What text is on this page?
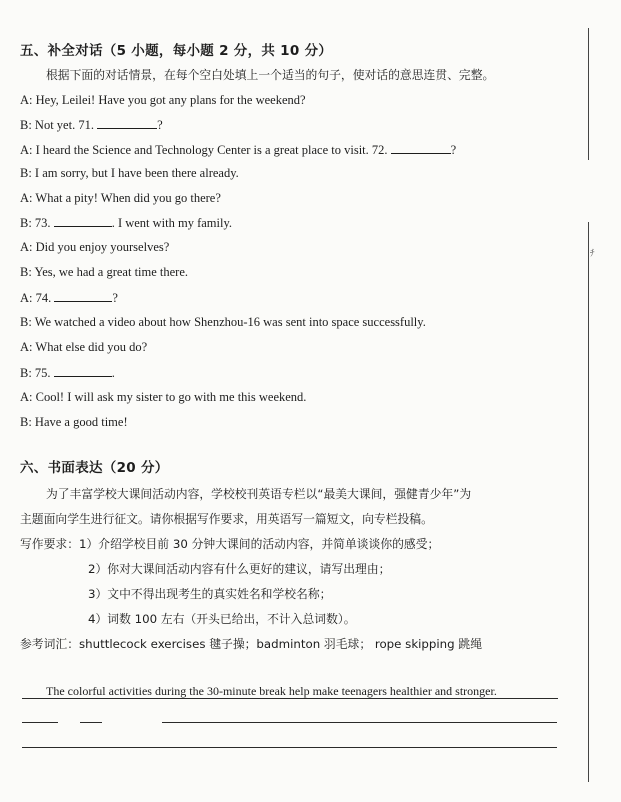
五、补全对话（5 小题，每小题 2 分，共 10 分）
根据下面的对话情景，在每个空白处填上一个适当的句子，使对话的意思连贯、完整。
A: Hey, Leilei! Have you got any plans for the weekend?
B: Not yet. 71.	?
A: I heard the Science and Technology Center is a great place to visit. 72.	?
B: I am sorry, but I have been there already.
A: What a pity! When did you go there?
B: 73.	. I went with my family.
A: Did you enjoy yourselves?
B: Yes, we had a great time there.
A: 74.	?
B: We watched a video about how Shenzhou-16 was sent into space successfully.
A: What else did you do?
B: 75.	.
A: Cool! I will ask my sister to go with me this weekend.
B: Have a good time!
六、书面表达（20 分）
为了丰富学校大课间活动内容，学校校刊英语专栏以“最美大课间，强健青少年”为
主题面向学生进行征文。请你根据写作要求，用英语写一篇短文，向专栏投稿。
写作要求：1）介绍学校目前 30 分钟大课间的活动内容，并简单谈谈你的感受；
2）你对大课间活动内容有什么更好的建议，请写出理由；
3）文中不得出现考生的真实姓名和学校名称；
4）词数 100 左右（开头已给出，不计入总词数）。
参考词汇：shuttlecock exercises 毽子操；badminton 羽毛球； rope skipping 跳绳
The colorful activities during the 30-minute break help make teenagers healthier and stronger.
ﾁ
